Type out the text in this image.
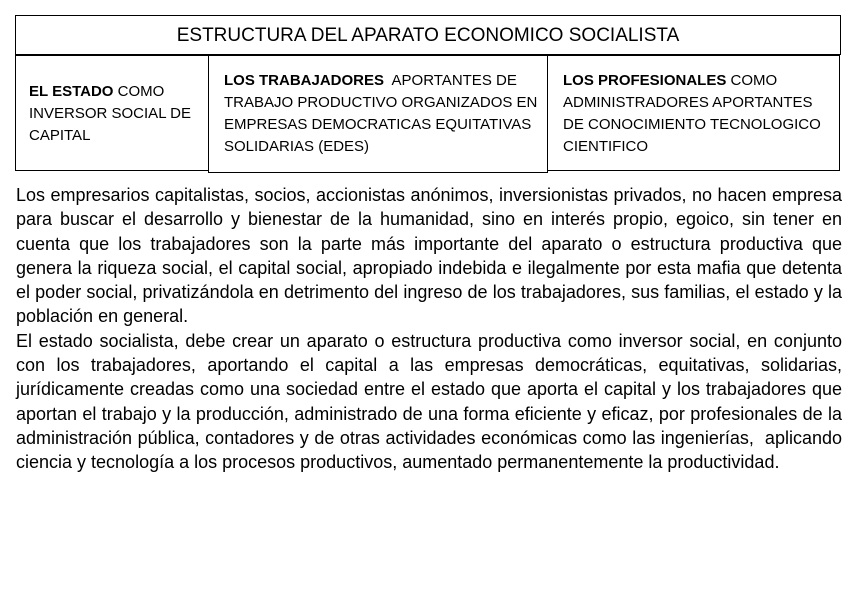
ESTRUCTURA DEL APARATO ECONOMICO SOCIALISTA
EL ESTADO COMO INVERSOR SOCIAL DE CAPITAL
LOS TRABAJADORES  APORTANTES DE TRABAJO PRODUCTIVO ORGANIZADOS EN EMPRESAS DEMOCRATICAS EQUITATIVAS SOLIDARIAS (EDES)
LOS PROFESIONALES COMO ADMINISTRADORES APORTANTES DE CONOCIMIENTO TECNOLOGICO CIENTIFICO

Los empresarios capitalistas, socios, accionistas anónimos, inversionistas privados, no hacen empresa para buscar el desarrollo y bienestar de la humanidad, sino en interés propio, egoico, sin tener en cuenta que los trabajadores son la parte más importante del aparato o estructura productiva que genera la riqueza social, el capital social, apropiado indebida e ilegalmente por esta mafia que detenta el poder social, privatizándola en detrimento del ingreso de los trabajadores, sus familias, el estado y la población en general.

El estado socialista, debe crear un aparato o estructura productiva como inversor social, en conjunto con los trabajadores, aportando el capital a las empresas democráticas, equitativas, solidarias, jurídicamente creadas como una sociedad entre el estado que aporta el capital y los trabajadores que aportan el trabajo y la producción, administrado de una forma eficiente y eficaz, por profesionales de la administración pública, contadores y de otras actividades económicas como las ingenierías,  aplicando ciencia y tecnología a los procesos productivos, aumentado permanentemente la productividad.
